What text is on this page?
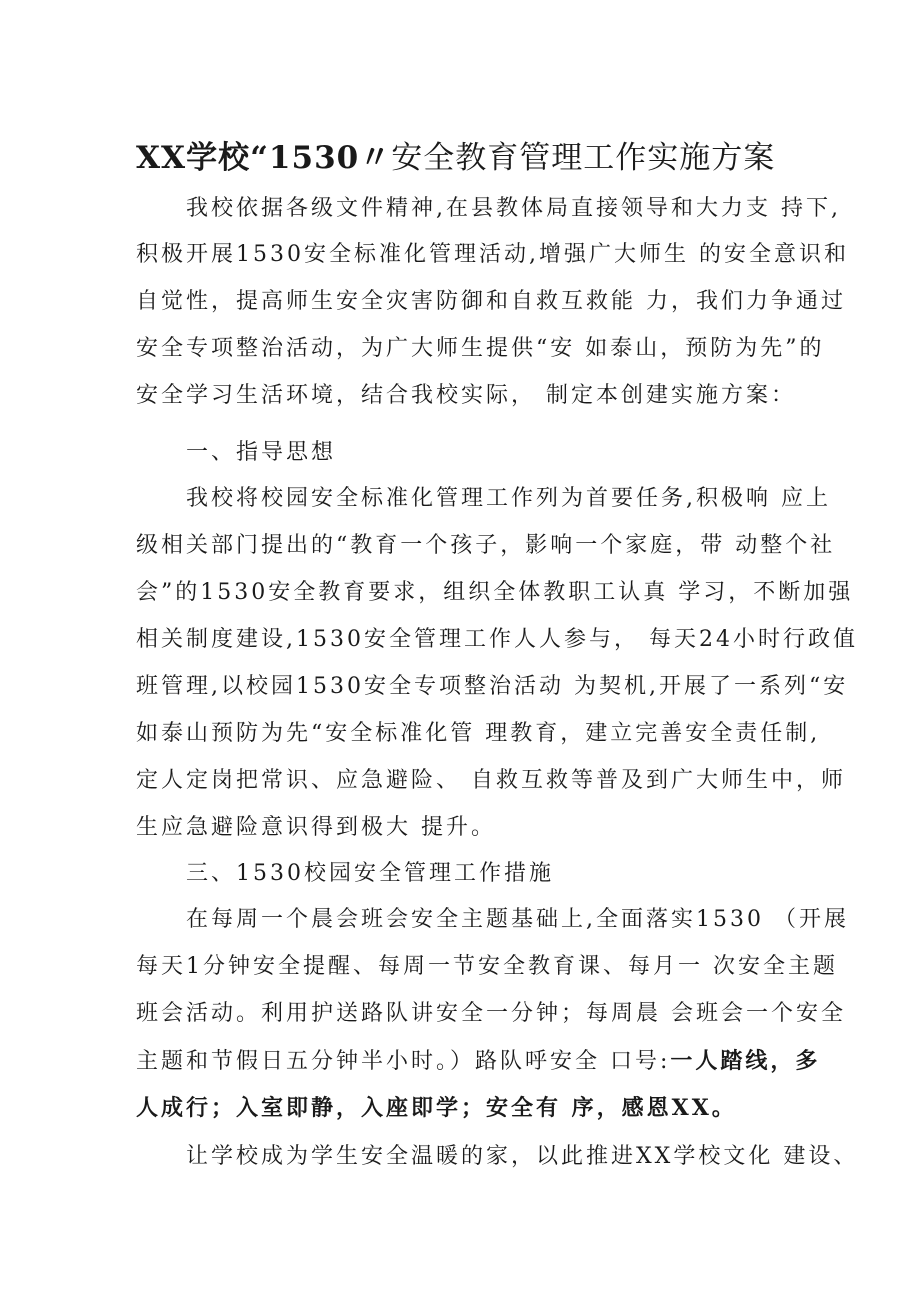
XX学校“1530〃安全教育管理工作实施方案
我校依据各级文件精神,在县教体局直接领导和大力支 持下,
积极开展1530安全标准化管理活动,增强广大师生 的安全意识和
自觉性，提高师生安全灾害防御和自救互救能 力，我们力争通过
安全专项整治活动，为广大师生提供“安 如泰山，预防为先”的
安全学习生活环境，结合我校实际， 制定本创建实施方案：
一、指导思想
我校将校园安全标准化管理工作列为首要任务,积极响 应上
级相关部门提出的“教育一个孩子，影响一个家庭，带 动整个社
会”的1530安全教育要求，组织全体教职工认真 学习，不断加强
相关制度建设,1530安全管理工作人人参与， 每天24小时行政值
班管理,以校园1530安全专项整治活动 为契机,开展了一系列“安
如泰山预防为先“安全标准化管 理教育，建立完善安全责任制,
定人定岗把常识、应急避险、 自救互救等普及到广大师生中，师
生应急避险意识得到极大 提升。
三、1530校园安全管理工作措施
在每周一个晨会班会安全主题基础上,全面落实1530 （开展
每天1分钟安全提醒、每周一节安全教育课、每月一 次安全主题
班会活动。利用护送路队讲安全一分钟；每周晨 会班会一个安全
主题和节假日五分钟半小时。）路队呼安全 口号:一人踏线，多
人成行；入室即静，入座即学；安全有 序，感恩XX。
让学校成为学生安全温暖的家，以此推进XX学校文化 建设、
